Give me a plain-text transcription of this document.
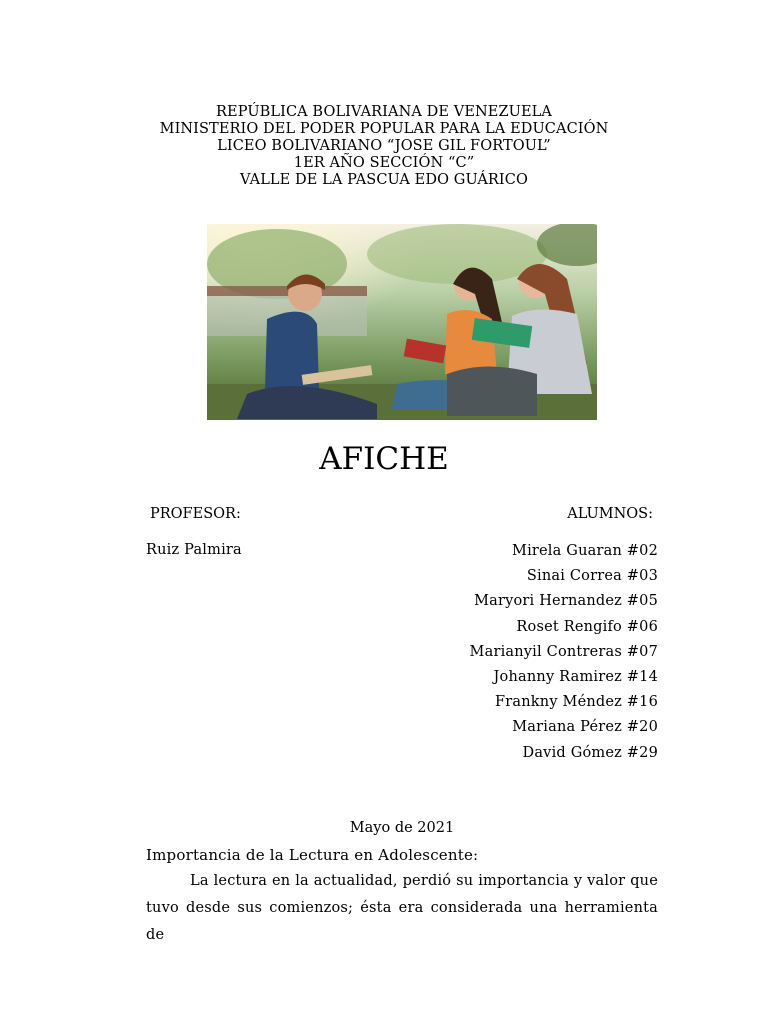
REPÚBLICA BOLIVARIANA DE VENEZUELA
MINISTERIO DEL PODER POPULAR PARA LA EDUCACIÓN
LICEO BOLIVARIANO “JOSE GIL FORTOUL”
1ER AÑO SECCIÓN “C”
VALLE DE LA PASCUA EDO GUÁRICO
AFICHE
PROFESOR:	ALUMNOS:
Ruiz Palmira	Mirela Guaran #02
Sinai Correa #03
Maryori Hernandez #05
Roset Rengifo #06
Marianyil Contreras #07
Johanny Ramirez #14
Frankny Méndez #16
Mariana Pérez #20
David Gómez #29
Mayo de 2021
Importancia de la Lectura en Adolescente:

La lectura en la actualidad, perdió su importancia y valor que tuvo desde sus comienzos; ésta era considerada una herramienta de
